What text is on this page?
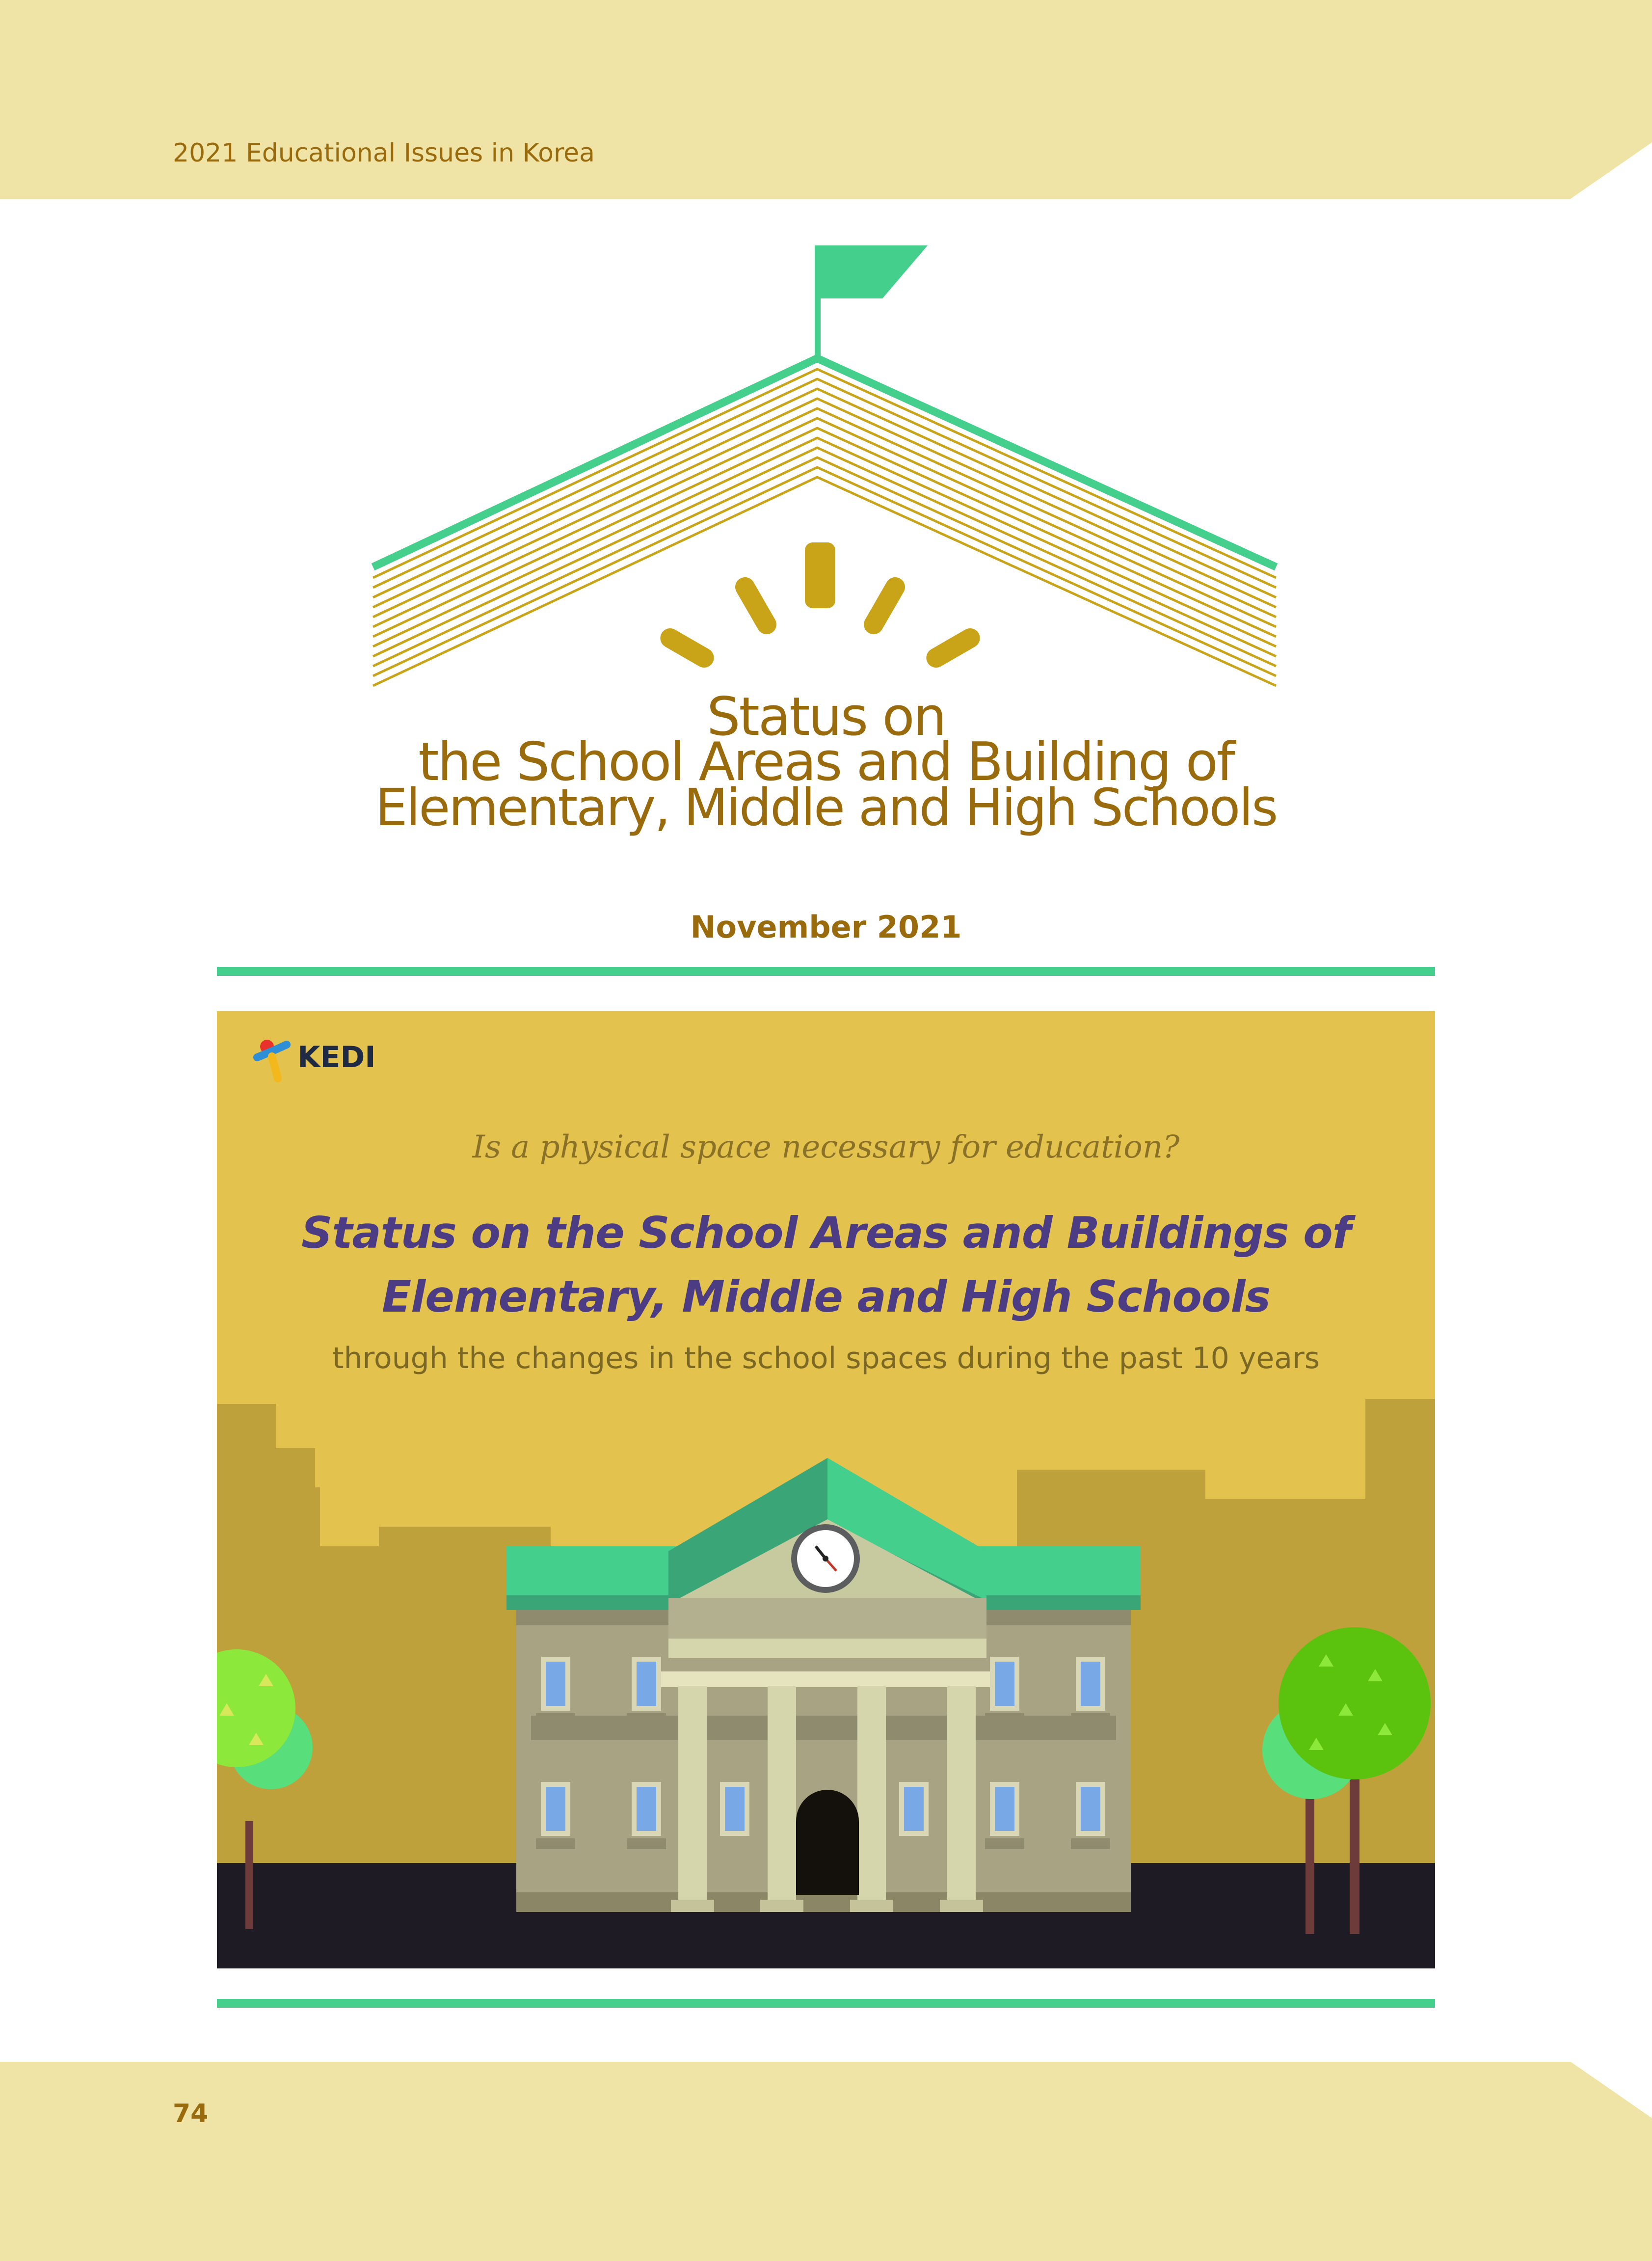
2021 Educational Issues in Korea
Status on
the School Areas and Building of
Elementary, Middle and High Schools
November 2021
KEDI
Is a physical space necessary for education?
Status on the School Areas and Buildings of
Elementary, Middle and High Schools
through the changes in the school spaces during the past 10 years
74
